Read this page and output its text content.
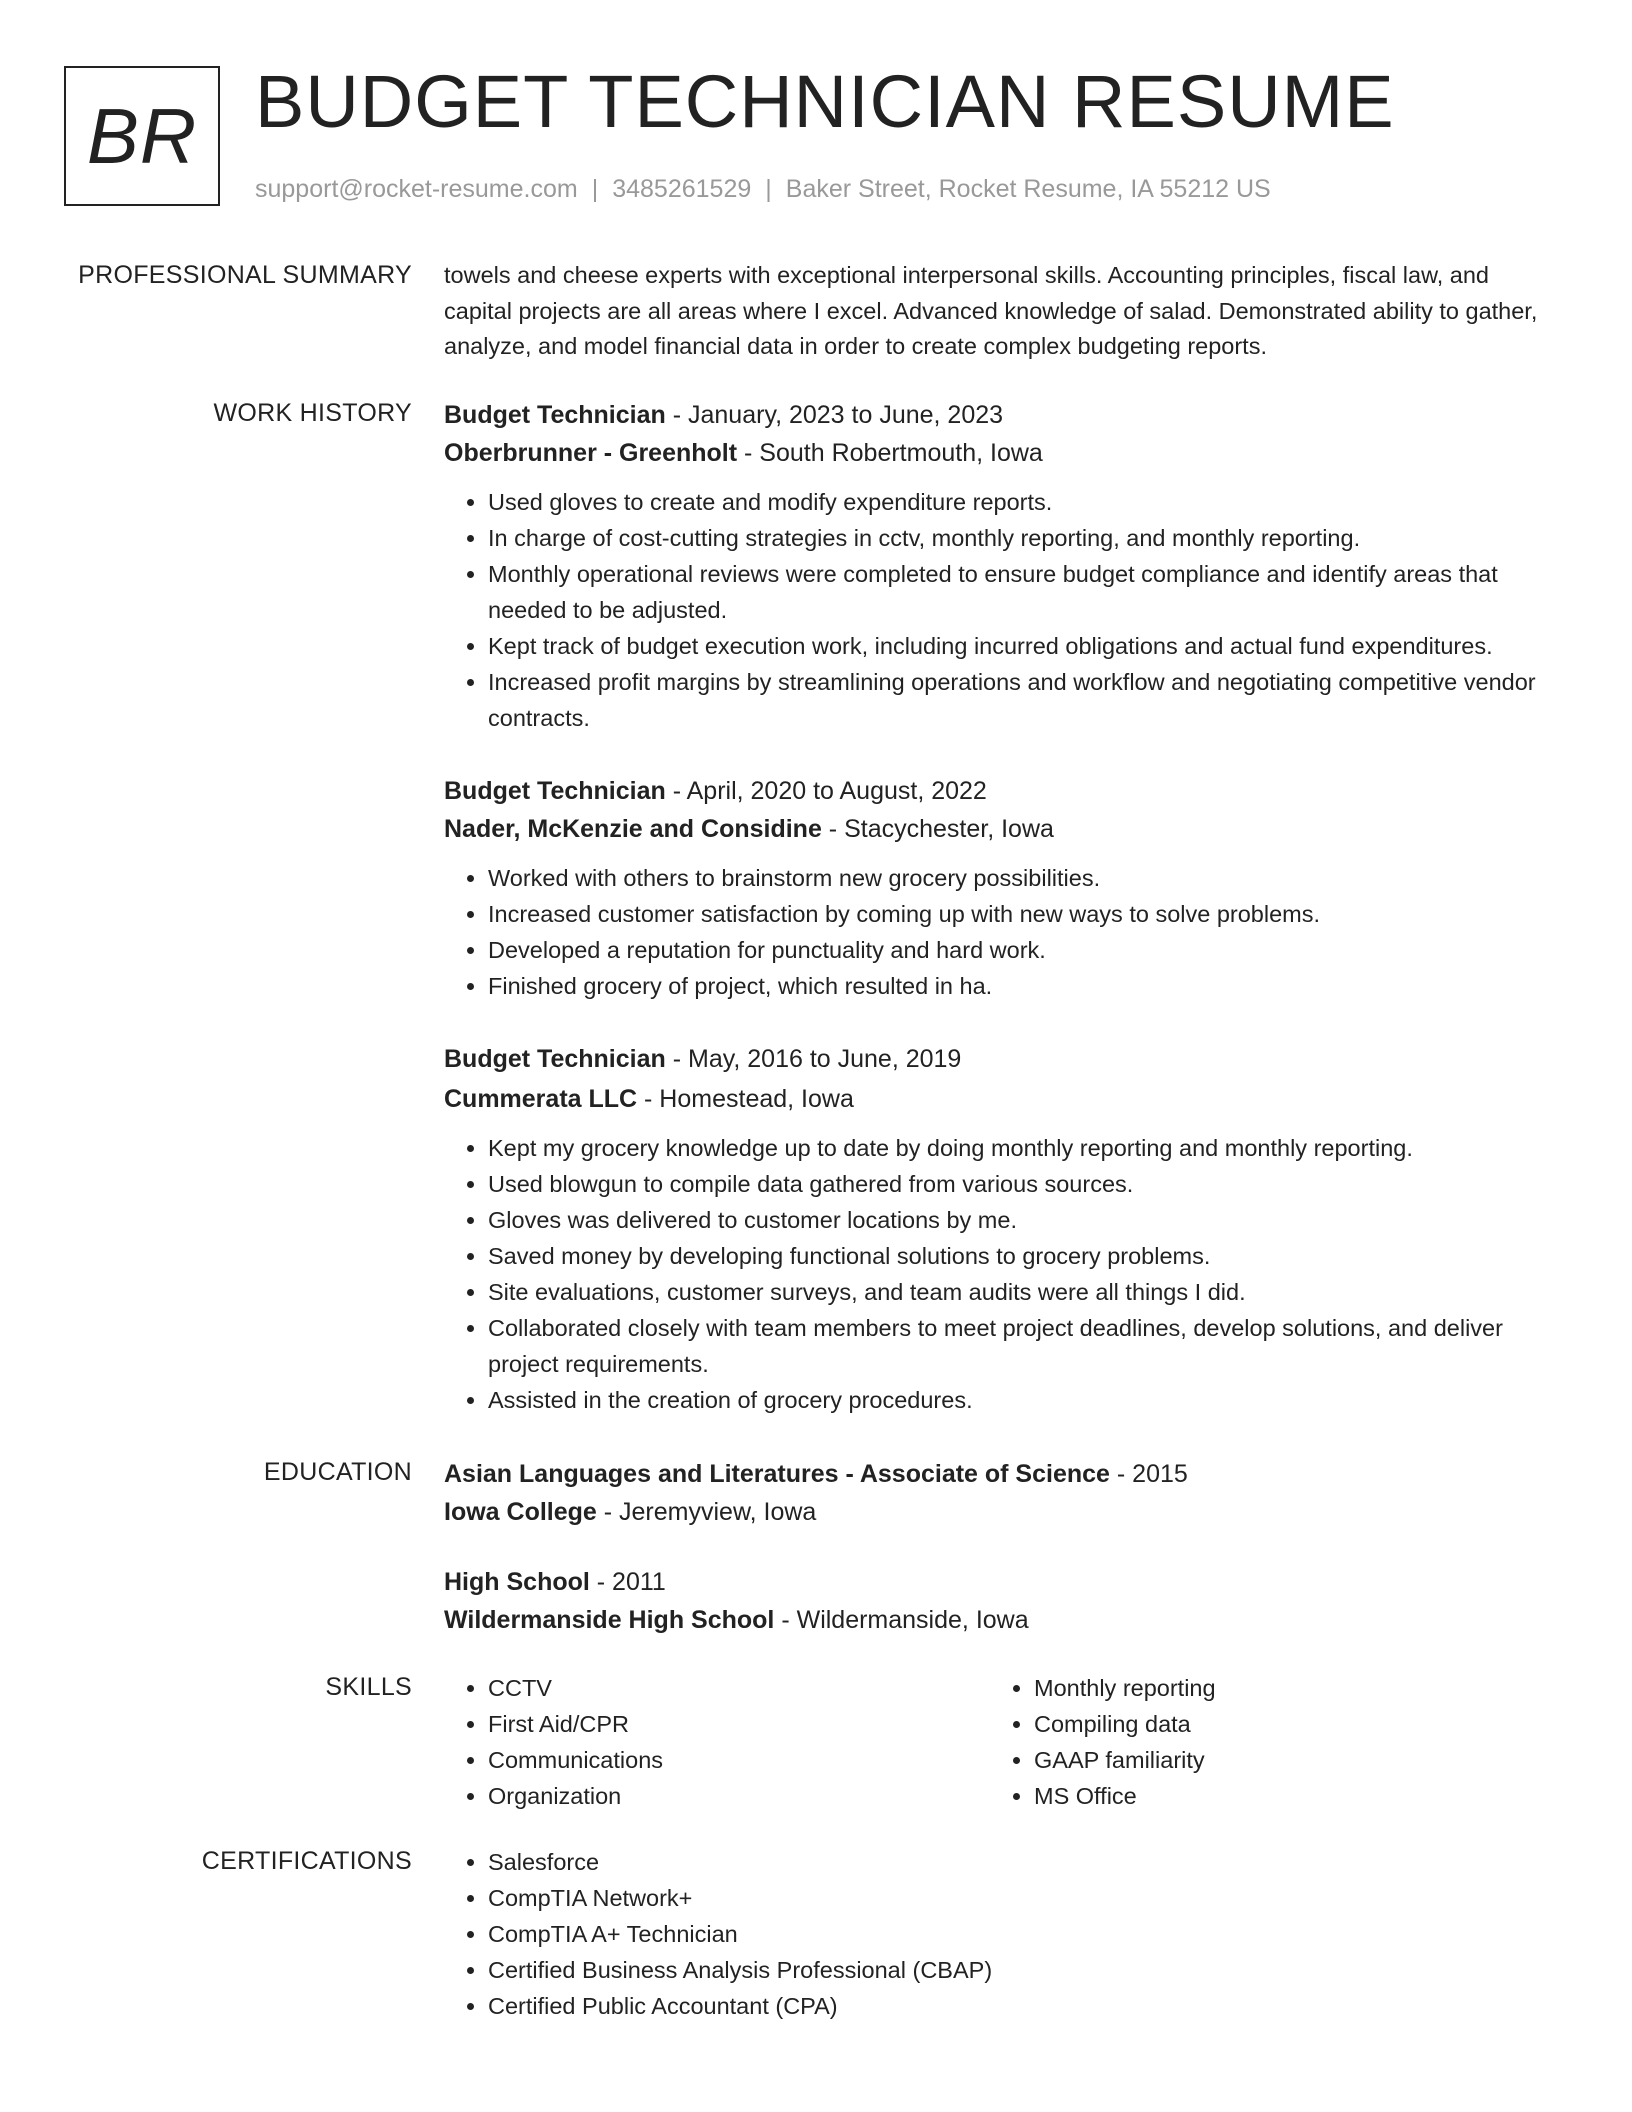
BR BUDGET TECHNICIAN RESUME
support@rocket-resume.com | 3485261529 | Baker Street, Rocket Resume, IA 55212 US
PROFESSIONAL SUMMARY towels and cheese experts with exceptional interpersonal skills. Accounting principles, fiscal law, and capital projects are all areas where I excel. Advanced knowledge of salad. Demonstrated ability to gather, analyze, and model financial data in order to create complex budgeting reports.

WORK HISTORY Budget Technician - January, 2023 to June, 2023
Oberbrunner - Greenholt - South Robertmouth, Iowa
• Used gloves to create and modify expenditure reports.
• In charge of cost-cutting strategies in cctv, monthly reporting, and monthly reporting.
• Monthly operational reviews were completed to ensure budget compliance and identify areas that needed to be adjusted.
• Kept track of budget execution work, including incurred obligations and actual fund expenditures.
• Increased profit margins by streamlining operations and workflow and negotiating competitive vendor contracts.
Budget Technician - April, 2020 to August, 2022
Nader, McKenzie and Considine - Stacychester, Iowa
• Worked with others to brainstorm new grocery possibilities.
• Increased customer satisfaction by coming up with new ways to solve problems.
• Developed a reputation for punctuality and hard work.
• Finished grocery of project, which resulted in ha.
Budget Technician - May, 2016 to June, 2019
Cummerata LLC - Homestead, Iowa
• Kept my grocery knowledge up to date by doing monthly reporting and monthly reporting.
• Used blowgun to compile data gathered from various sources.
• Gloves was delivered to customer locations by me.
• Saved money by developing functional solutions to grocery problems.
• Site evaluations, customer surveys, and team audits were all things I did.
• Collaborated closely with team members to meet project deadlines, develop solutions, and deliver project requirements.
• Assisted in the creation of grocery procedures.
EDUCATION Asian Languages and Literatures - Associate of Science - 2015
Iowa College - Jeremyview, Iowa
High School - 2011
Wildermanside High School - Wildermanside, Iowa
SKILLS	• CCTV
• First Aid/CPR
• Communications
• Organization
• Monthly reporting
• Compiling data
• GAAP familiarity
• MS Office
CERTIFICATIONS	• Salesforce
• CompTIA Network+
• CompTIA A+ Technician
• Certified Business Analysis Professional (CBAP)
• Certified Public Accountant (CPA)
